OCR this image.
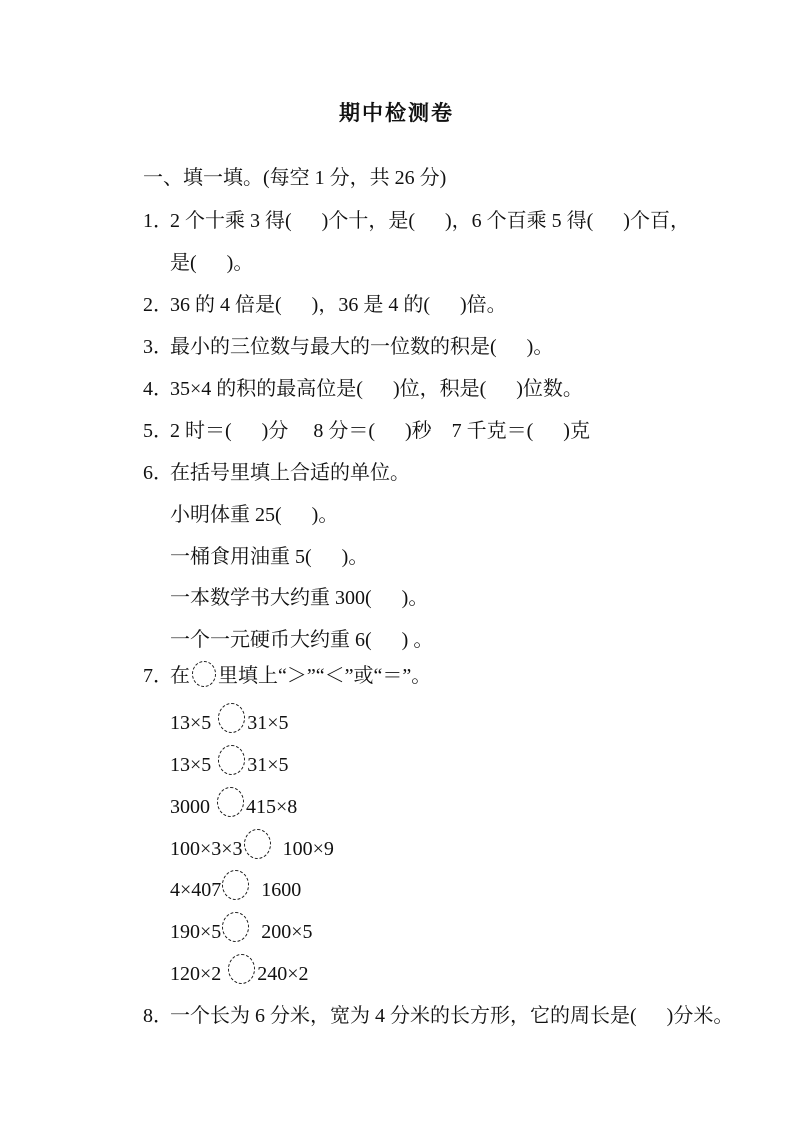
期中检测卷
一、填一填。(每空 1 分，共 26 分)
1．
2 个十乘 3 得(      )个十，是(      )，6 个百乘 5 得(      )个百，
是(      )。
2．
36 的 4 倍是(      )，36 是 4 的(      )倍。
3．
最小的三位数与最大的一位数的积是(      )。
4．
35×4 的积的最高位是(      )位，积是(      )位数。
5．
2 时＝(      )分     8 分＝(      )秒    7 千克＝(      )克
6．
在括号里填上合适的单位。
小明体重 25(      )。
一桶食用油重 5(      )。
一本数学书大约重 300(      )。
一个一元硬币大约重 6(      ) 。
7．
在 里填上“＞”“＜”或“＝”。
13×5 31×5
13×5 31×5
3000 415×8
100×3×3 100×9
4×407 1600
190×5 200×5
120×2 240×2
8．
一个长为 6 分米，宽为 4 分米的长方形，它的周长是(      )分米。
